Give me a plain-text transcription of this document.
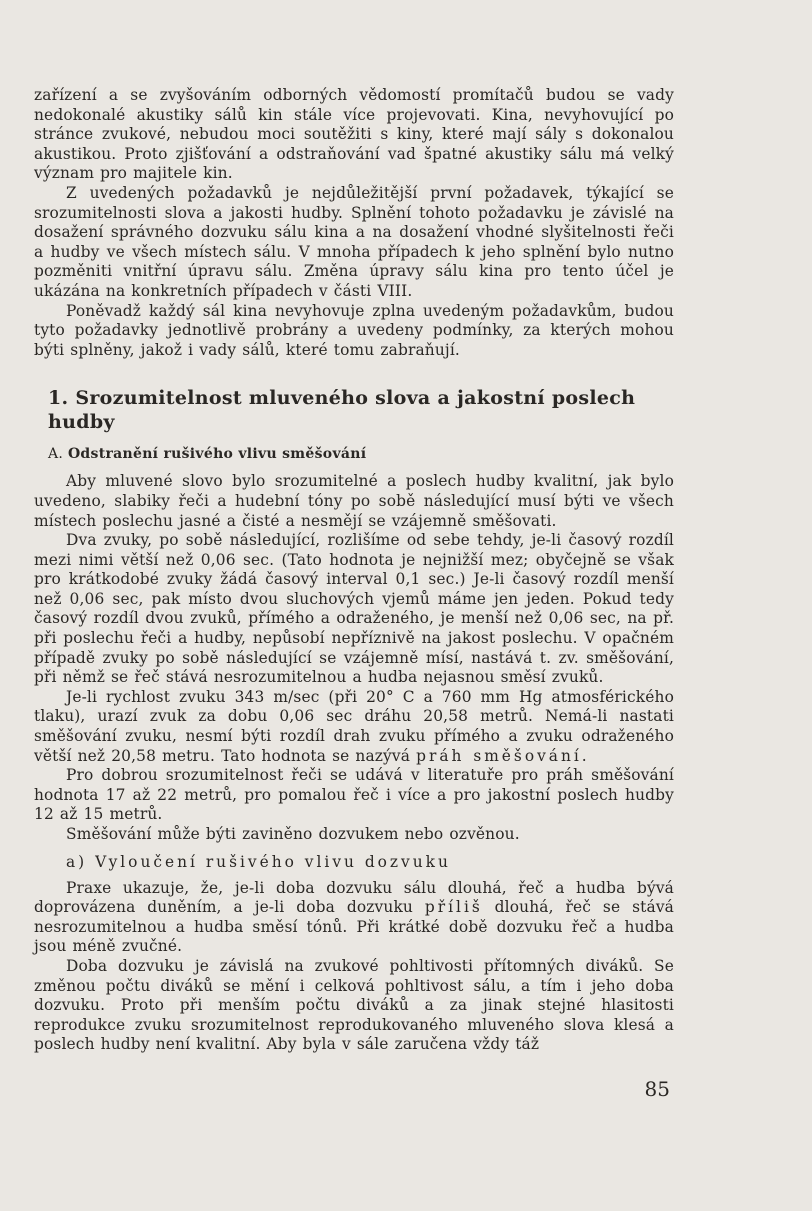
zařízení a se zvyšováním odborných vědomostí promítačů budou se vady nedokonalé akustiky sálů kin stále více projevovati. Kina, nevyhovující po stránce zvukové, nebudou moci soutěžiti s kiny, které mají sály s dokonalou akustikou. Proto zjišťování a odstraňování vad špatné akustiky sálu má velký význam pro majitele kin.

Z uvedených požadavků je nejdůležitější první požadavek, týkající se srozumitelnosti slova a jakosti hudby. Splnění tohoto požadavku je závislé na dosažení správného dozvuku sálu kina a na dosažení vhodné slyšitelnosti řeči a hudby ve všech místech sálu. V mnoha případech k jeho splnění bylo nutno pozměniti vnitřní úpravu sálu. Změna úpravy sálu kina pro tento účel je ukázána na konkretních případech v části VIII.

Poněvadž každý sál kina nevyhovuje zplna uvedeným požadavkům, budou tyto požadavky jednotlivě probrány a uvedeny podmínky, za kterých mohou býti splněny, jakož i vady sálů, které tomu zabraňují.

1. Srozumitelnost mluveného slova a jakostní poslech hudby
A. Odstranění rušivého vlivu směšování

Aby mluvené slovo bylo srozumitelné a poslech hudby kvalitní, jak bylo uvedeno, slabiky řeči a hudební tóny po sobě následující musí býti ve všech místech poslechu jasné a čisté a nesmějí se vzájemně směšovati.

Dva zvuky, po sobě následující, rozlišíme od sebe tehdy, je-li časový rozdíl mezi nimi větší než 0,06 sec. (Tato hodnota je nejnižší mez; obyčejně se však pro krátkodobé zvuky žádá časový interval 0,1 sec.) Je-li časový rozdíl menší než 0,06 sec, pak místo dvou sluchových vjemů máme jen jeden. Pokud tedy časový rozdíl dvou zvuků, přímého a odraženého, je menší než 0,06 sec, na př. při poslechu řeči a hudby, nepůsobí nepříznivě na jakost poslechu. V opačném případě zvuky po sobě následující se vzájemně mísí, nastává t. zv. směšování, při němž se řeč stává nesrozumitelnou a hudba nejasnou směsí zvuků.

Je-li rychlost zvuku 343 m/sec (při 20° C a 760 mm Hg atmosférického tlaku), urazí zvuk za dobu 0,06 sec dráhu 20,58 metrů. Nemá-li nastati směšování zvuku, nesmí býti rozdíl drah zvuku přímého a zvuku odraženého větší než 20,58 metru. Tato hodnota se nazývá práh směšování.

Pro dobrou srozumitelnost řeči se udává v literatuře pro práh směšování hodnota 17 až 22 metrů, pro pomalou řeč i více a pro jakostní poslech hudby 12 až 15 metrů.

Směšování může býti zaviněno dozvukem nebo ozvěnou.

a) Vyloučení rušivého vlivu dozvuku

Praxe ukazuje, že, je-li doba dozvuku sálu dlouhá, řeč a hudba bývá doprovázena duněním, a je-li doba dozvuku příliš dlouhá, řeč se stává nesrozumitelnou a hudba směsí tónů. Při krátké době dozvuku řeč a hudba jsou méně zvučné.

Doba dozvuku je závislá na zvukové pohltivosti přítomných diváků. Se změnou počtu diváků se mění i celková pohltivost sálu, a tím i jeho doba dozvuku. Proto při menším počtu diváků a za jinak stejné hlasitosti reprodukce zvuku srozumitelnost reprodukovaného mluveného slova klesá a poslech hudby není kvalitní. Aby byla v sále zaručena vždy táž

85
